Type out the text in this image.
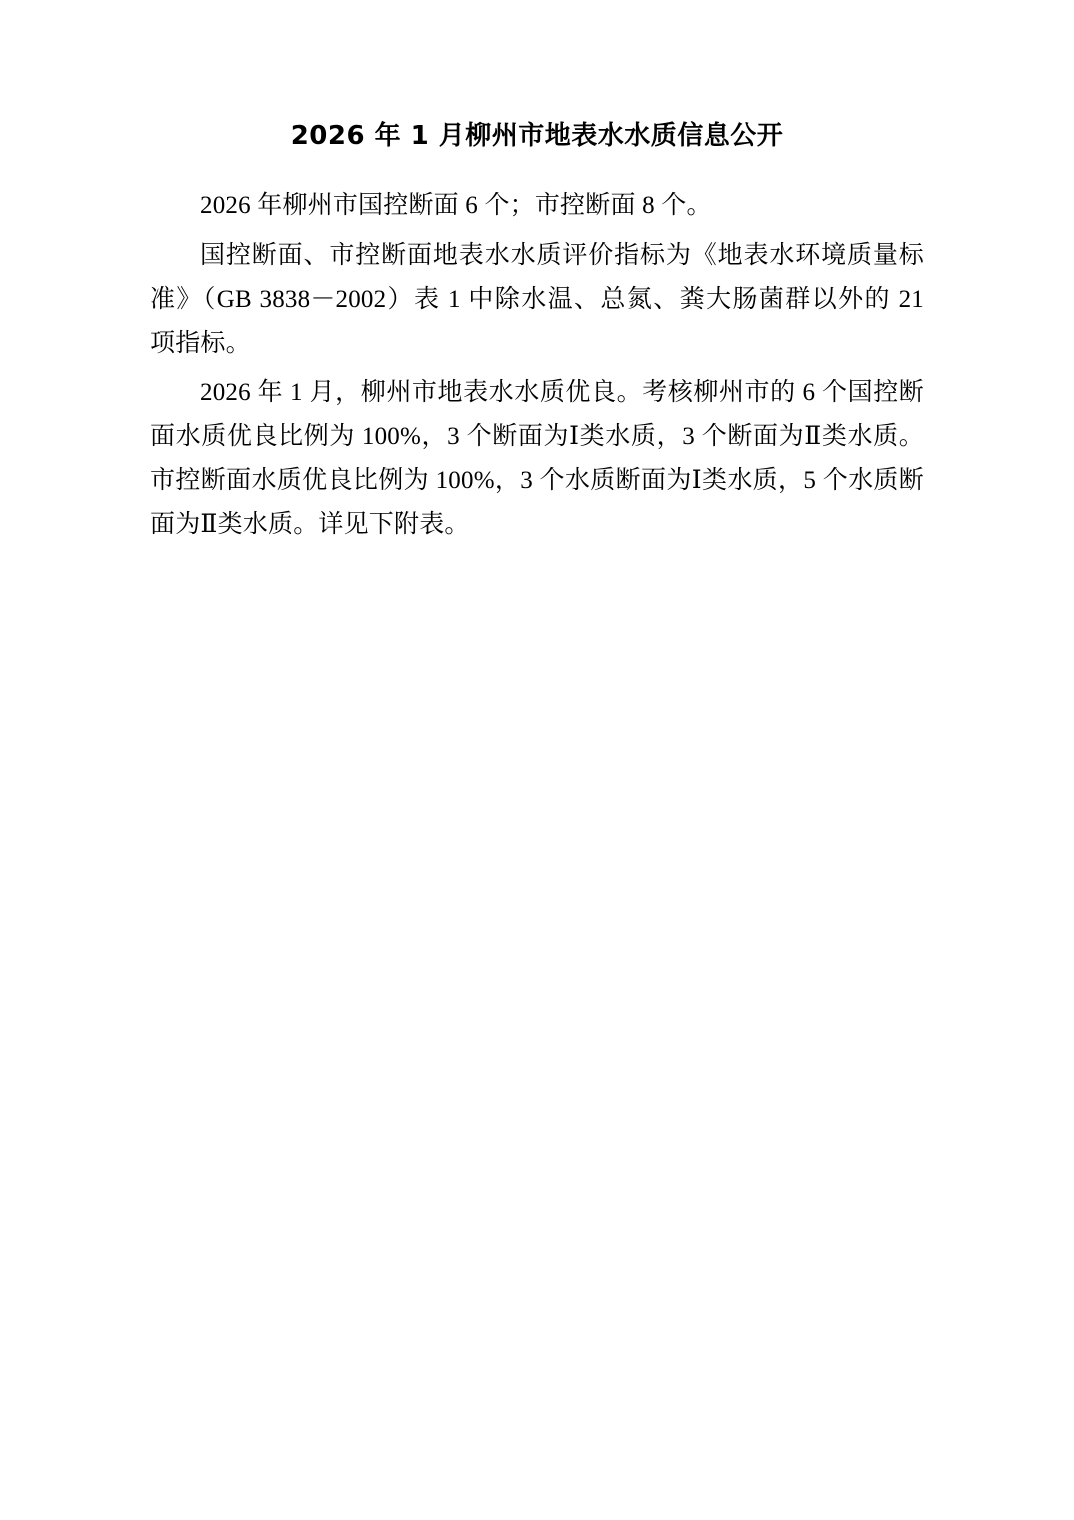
2026 年 1 月柳州市地表水水质信息公开

2026 年柳州市国控断面 6 个；市控断面 8 个。

国控断面、市控断面地表水水质评价指标为《地表水环境质量标准》（GB 3838－2002）表 1 中除水温、总氮、粪大肠菌群以外的 21 项指标。

2026 年 1 月，柳州市地表水水质优良。考核柳州市的 6 个国控断面水质优良比例为 100%，3 个断面为Ⅰ类水质，3 个断面为Ⅱ类水质。市控断面水质优良比例为 100%，3 个水质断面为Ⅰ类水质，5 个水质断面为Ⅱ类水质。详见下附表。
